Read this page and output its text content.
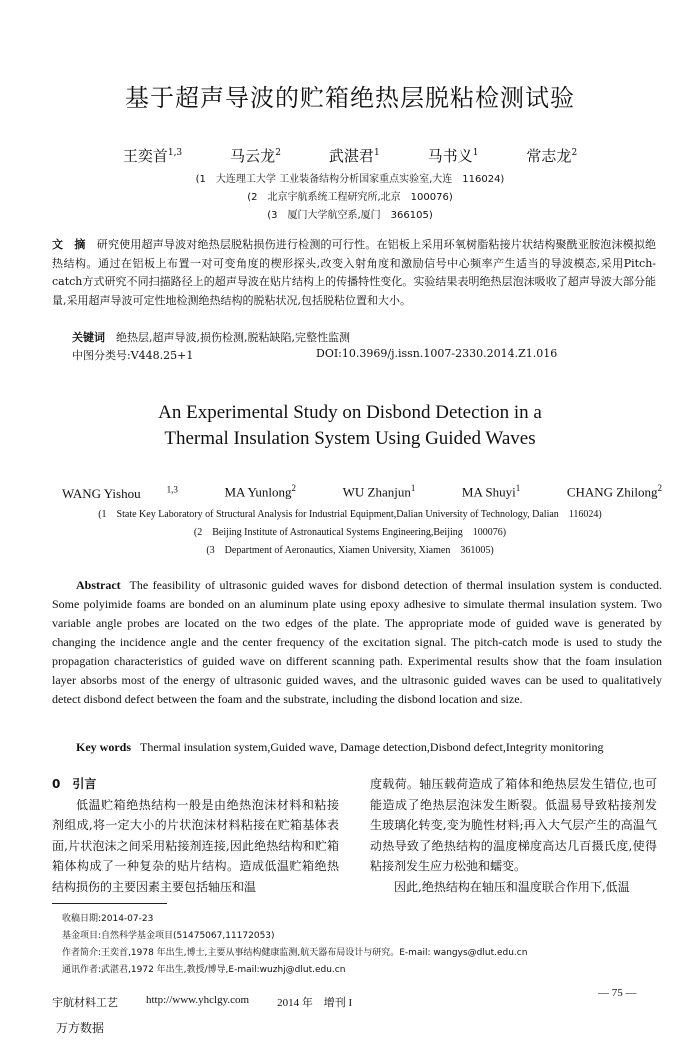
基于超声导波的贮箱绝热层脱粘检测试验
王奕首$^{1,3}$	马云龙$^2$	武湛君$^1$	马书义$^1$	常志龙$^2$
(1　大连理工大学 工业装备结构分析国家重点实验室,大连　116024)
(2　北京宇航系统工程研究所,北京　100076)
(3　厦门大学航空系,厦门　366105)
文　摘　 研究使用超声导波对绝热层脱粘损伤进行检测的可行性。在铝板上采用环氧树脂粘接片状结构聚酰亚胺泡沫模拟绝热结构。通过在铝板上布置一对可变角度的楔形探头,改变入射角度和激励信号中心频率产生适当的导波模态,采用Pitch-catch方式研究不同扫描路径上的超声导波在贴片结构上的传播特性变化。实验结果表明绝热层泡沫吸收了超声导波大部分能量,采用超声导波可定性地检测绝热结构的脱粘状况,包括脱粘位置和大小。
关键词　 绝热层,超声导波,损伤检测,脱粘缺陷,完整性监测
中图分类号:V448.25+1	DOI:10.3969/j.issn.1007-2330.2014.Z1.016
An Experimental Study on Disbond Detection in a
Thermal Insulation System Using Guided Waves
WANG Yishou　　	$^{1,3}$	MA Yunlong$^2$	WU Zhanjun$^1$	MA Shuyi$^1$	CHANG Zhilong$^2$
(1　State Key Laboratory of Structural Analysis for Industrial Equipment,Dalian University of Technology, Dalian　116024)
(2　Beijing Institute of Astronautical Systems Engineering,Beijing　100076)
(3　Department of Aeronautics, Xiamen University, Xiamen　361005)
Abstract The feasibility of ultrasonic guided waves for disbond detection of thermal insulation system is conducted. Some polyimide foams are bonded on an aluminum plate using epoxy adhesive to simulate thermal insulation system. Two variable angle probes are located on the two edges of the plate. The appropriate mode of guided wave is generated by changing the incidence angle and the center frequency of the excitation signal. The pitch-catch mode is used to study the propagation characteristics of guided wave on different scanning path. Experimental results show that the foam insulation layer absorbs most of the energy of ultrasonic guided waves, and the ultrasonic guided waves can be used to qualitatively detect disbond defect between the foam and the substrate, including the disbond location and size.
Key words Thermal insulation system,Guided wave, Damage detection,Disbond defect,Integrity monitoring

0　引言

低温贮箱绝热结构一般是由绝热泡沫材料和粘接剂组成,将一定大小的片状泡沫材料粘接在贮箱基体表面,片状泡沫之间采用粘接剂连接,因此绝热结构和贮箱箱体构成了一种复杂的贴片结构。造成低温贮箱绝热结构损伤的主要因素主要包括轴压和温

度载荷。轴压载荷造成了箱体和绝热层发生错位,也可能造成了绝热层泡沫发生断裂。低温易导致粘接剂发生玻璃化转变,变为脆性材料;再入大气层产生的高温气动热导致了绝热结构的温度梯度高达几百摄氏度,使得粘接剂发生应力松弛和蠕变。

因此,绝热结构在轴压和温度联合作用下,低温

收稿日期:2014-07-23
基金项目:自然科学基金项目(51475067,11172053)
作者简介:王奕首,1978 年出生,博士,主要从事结构健康监测,航天器布局设计与研究。E-mail: wangys@dlut.edu.cn
通讯作者:武湛君,1972 年出生,教授/博导,E-mail:wuzhj@dlut.edu.cn
— 75 —
宇航材料工艺	http://www.yhclgy.com	2014 年　增刊 I
万方数据
